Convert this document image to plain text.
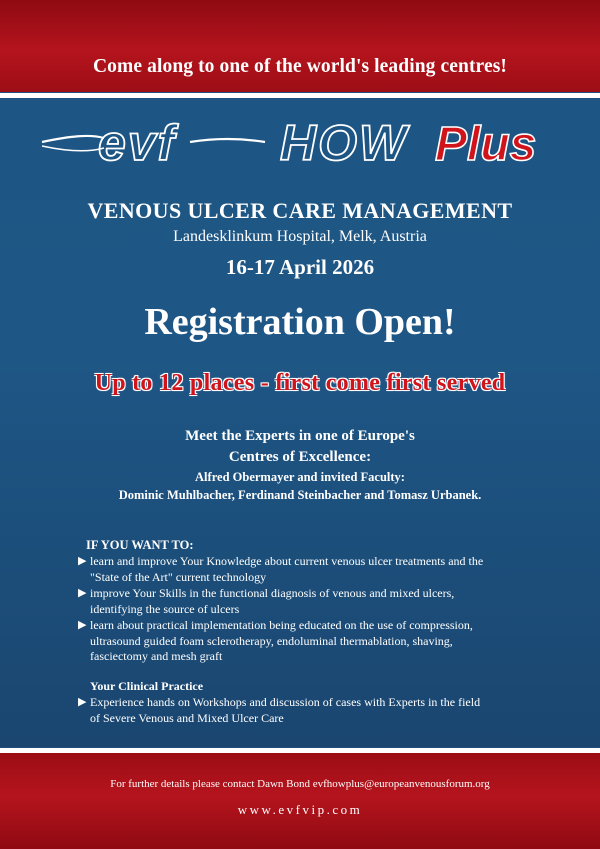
Come along to one of the world's leading centres!
evf HOW Plus
VENOUS ULCER CARE MANAGEMENT
Landesklinkum Hospital, Melk, Austria
16-17 April 2026
Registration Open!
Up to 12 places - first come first served
Meet the Experts in one of Europe's
Centres of Excellence:
Alfred Obermayer and invited Faculty:
Dominic Muhlbacher, Ferdinand Steinbacher and Tomasz Urbanek.
IF YOU WANT TO:
▶ learn and improve Your Knowledge about current venous ulcer treatments and the
"State of the Art" current technology
▶ improve Your Skills in the functional diagnosis of venous and mixed ulcers,
identifying the source of ulcers
▶ learn about practical implementation being educated on the use of compression,
ultrasound guided foam sclerotherapy, endoluminal thermablation, shaving,
fasciectomy and mesh graft
Your Clinical Practice
▶ Experience hands on Workshops and discussion of cases with Experts in the field
of Severe Venous and Mixed Ulcer Care
For further details please contact Dawn Bond evfhowplus@europeanvenousforum.org
www.evfvip.com
